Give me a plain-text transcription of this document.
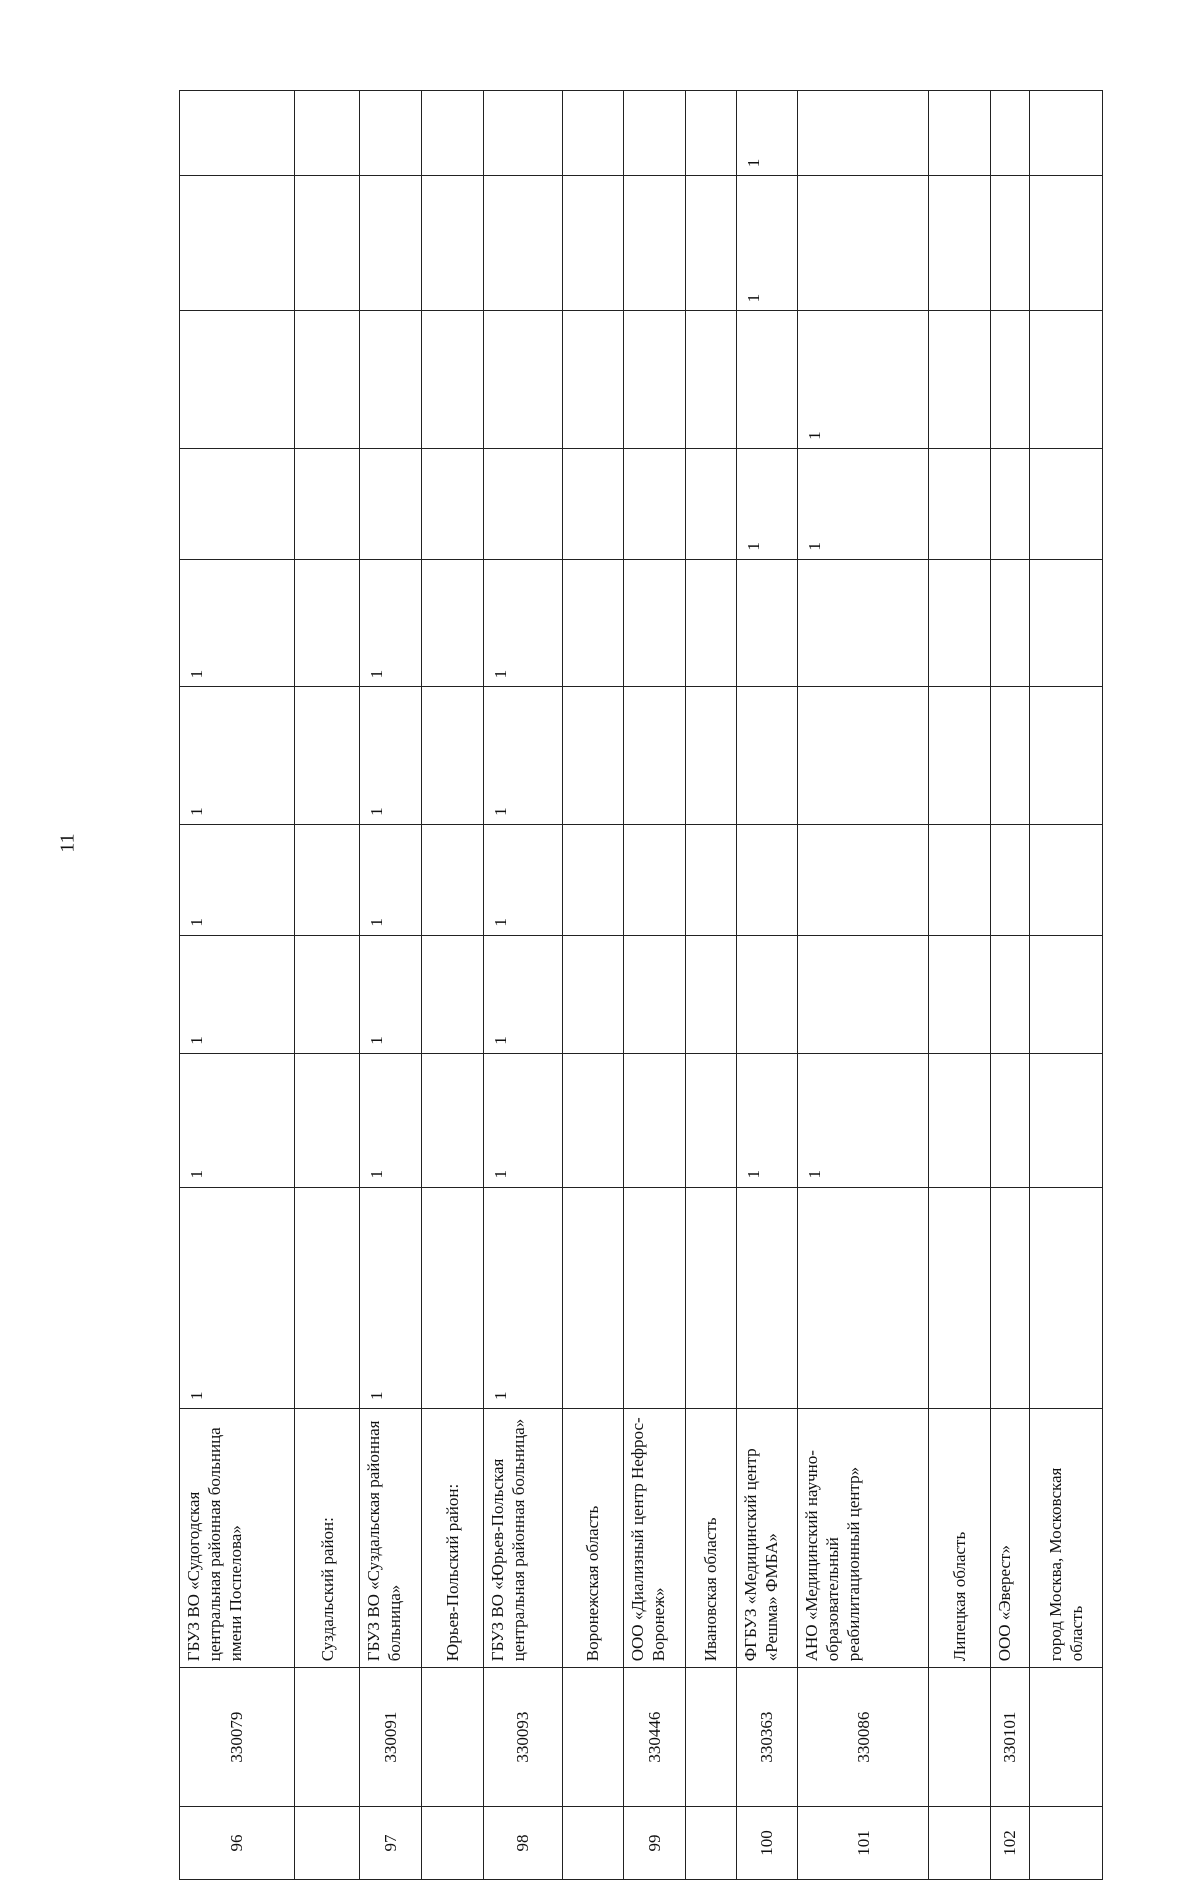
11
96	330079	ГБУЗ ВО «Судогодская центральная районная больница имени Поспелова»	1	1	1	1	1	1				
		Суздальский район:										
97	330091	ГБУЗ ВО «Суздальская районная больница»	1	1	1	1	1	1				
		Юрьев-Польский район:										
98	330093	ГБУЗ ВО «Юрьев-Польская центральная районная больница»	1	1	1	1	1	1				
		Воронежская область										
99	330446	ООО «Диализный центр Нефрос-Воронеж»										
		Ивановская область										
100	330363	ФГБУЗ «Медицинский центр «Решма» ФМБА»		1					1		1	1
101	330086	АНО «Медицинский научно-образовательный реабилитационный центр»		1					1	1		
		Липецкая область										
102	330101	ООО «Эверест»										
		город Москва, Московская область										
